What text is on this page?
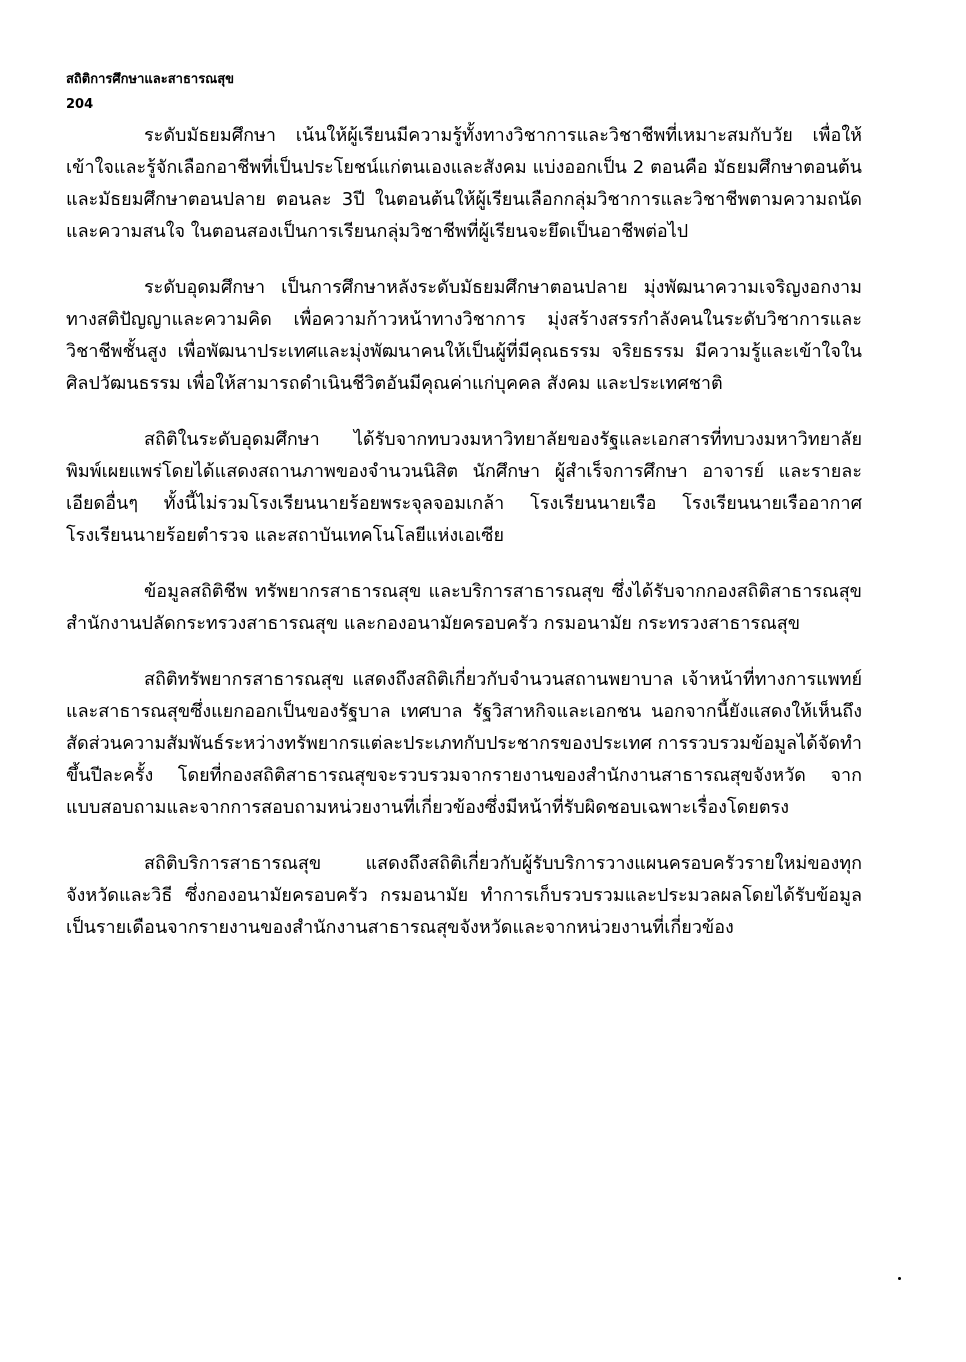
สถิติการศึกษาและสาธารณสุข
204

ระดับมัธยมศึกษา เน้นให้ผู้เรียนมีความรู้ทั้งทางวิชาการและวิชาชีพที่เหมาะสมกับวัย เพื่อให้เข้าใจและรู้จักเลือกอาชีพที่เป็นประโยชน์แก่ตนเองและสังคม แบ่งออกเป็น 2 ตอนคือ มัธยมศึกษาตอนต้น และมัธยมศึกษาตอนปลาย ตอนละ 3ปี ในตอนต้นให้ผู้เรียนเลือกกลุ่มวิชาการและวิชาชีพตามความถนัดและความสนใจ ในตอนสองเป็นการเรียนกลุ่มวิชาชีพที่ผู้เรียนจะยึดเป็นอาชีพต่อไป

ระดับอุดมศึกษา เป็นการศึกษาหลังระดับมัธยมศึกษาตอนปลาย มุ่งพัฒนาความเจริญงอกงามทางสติปัญญาและความคิด เพื่อความก้าวหน้าทางวิชาการ มุ่งสร้างสรรกำลังคนในระดับวิชาการและวิชาชีพชั้นสูง เพื่อพัฒนาประเทศและมุ่งพัฒนาคนให้เป็นผู้ที่มีคุณธรรม จริยธรรม มีความรู้และเข้าใจในศิลปวัฒนธรรม เพื่อให้สามารถดำเนินชีวิตอันมีคุณค่าแก่บุคคล สังคม และประเทศชาติ

สถิติในระดับอุดมศึกษา ได้รับจากทบวงมหาวิทยาลัยของรัฐและเอกสารที่ทบวงมหาวิทยาลัยพิมพ์เผยแพร่โดยได้แสดงสถานภาพของจำนวนนิสิต นักศึกษา ผู้สำเร็จการศึกษา อาจารย์ และรายละเอียดอื่นๆ ทั้งนี้ไม่รวมโรงเรียนนายร้อยพระจุลจอมเกล้า โรงเรียนนายเรือ โรงเรียนนายเรืออากาศ โรงเรียนนายร้อยตำรวจ และสถาบันเทคโนโลยีแห่งเอเซีย

ข้อมูลสถิติชีพ ทรัพยากรสาธารณสุข และบริการสาธารณสุข ซึ่งได้รับจากกองสถิติสาธารณสุข สำนักงานปลัดกระทรวงสาธารณสุข และกองอนามัยครอบครัว กรมอนามัย กระทรวงสาธารณสุข

สถิติทรัพยากรสาธารณสุข แสดงถึงสถิติเกี่ยวกับจำนวนสถานพยาบาล เจ้าหน้าที่ทางการแพทย์และสาธารณสุขซึ่งแยกออกเป็นของรัฐบาล เทศบาล รัฐวิสาหกิจและเอกชน นอกจากนี้ยังแสดงให้เห็นถึงสัดส่วนความสัมพันธ์ระหว่างทรัพยากรแต่ละประเภทกับประชากรของประเทศ การรวบรวมข้อมูลได้จัดทำขึ้นปีละครั้ง โดยที่กองสถิติสาธารณสุขจะรวบรวมจากรายงานของสำนักงานสาธารณสุขจังหวัด จากแบบสอบถามและจากการสอบถามหน่วยงานที่เกี่ยวข้องซึ่งมีหน้าที่รับผิดชอบเฉพาะเรื่องโดยตรง

สถิติบริการสาธารณสุข แสดงถึงสถิติเกี่ยวกับผู้รับบริการวางแผนครอบครัวรายใหม่ของทุกจังหวัดและวิธี ซึ่งกองอนามัยครอบครัว กรมอนามัย ทำการเก็บรวบรวมและประมวลผลโดยได้รับข้อมูลเป็นรายเดือนจากรายงานของสำนักงานสาธารณสุขจังหวัดและจากหน่วยงานที่เกี่ยวข้อง
